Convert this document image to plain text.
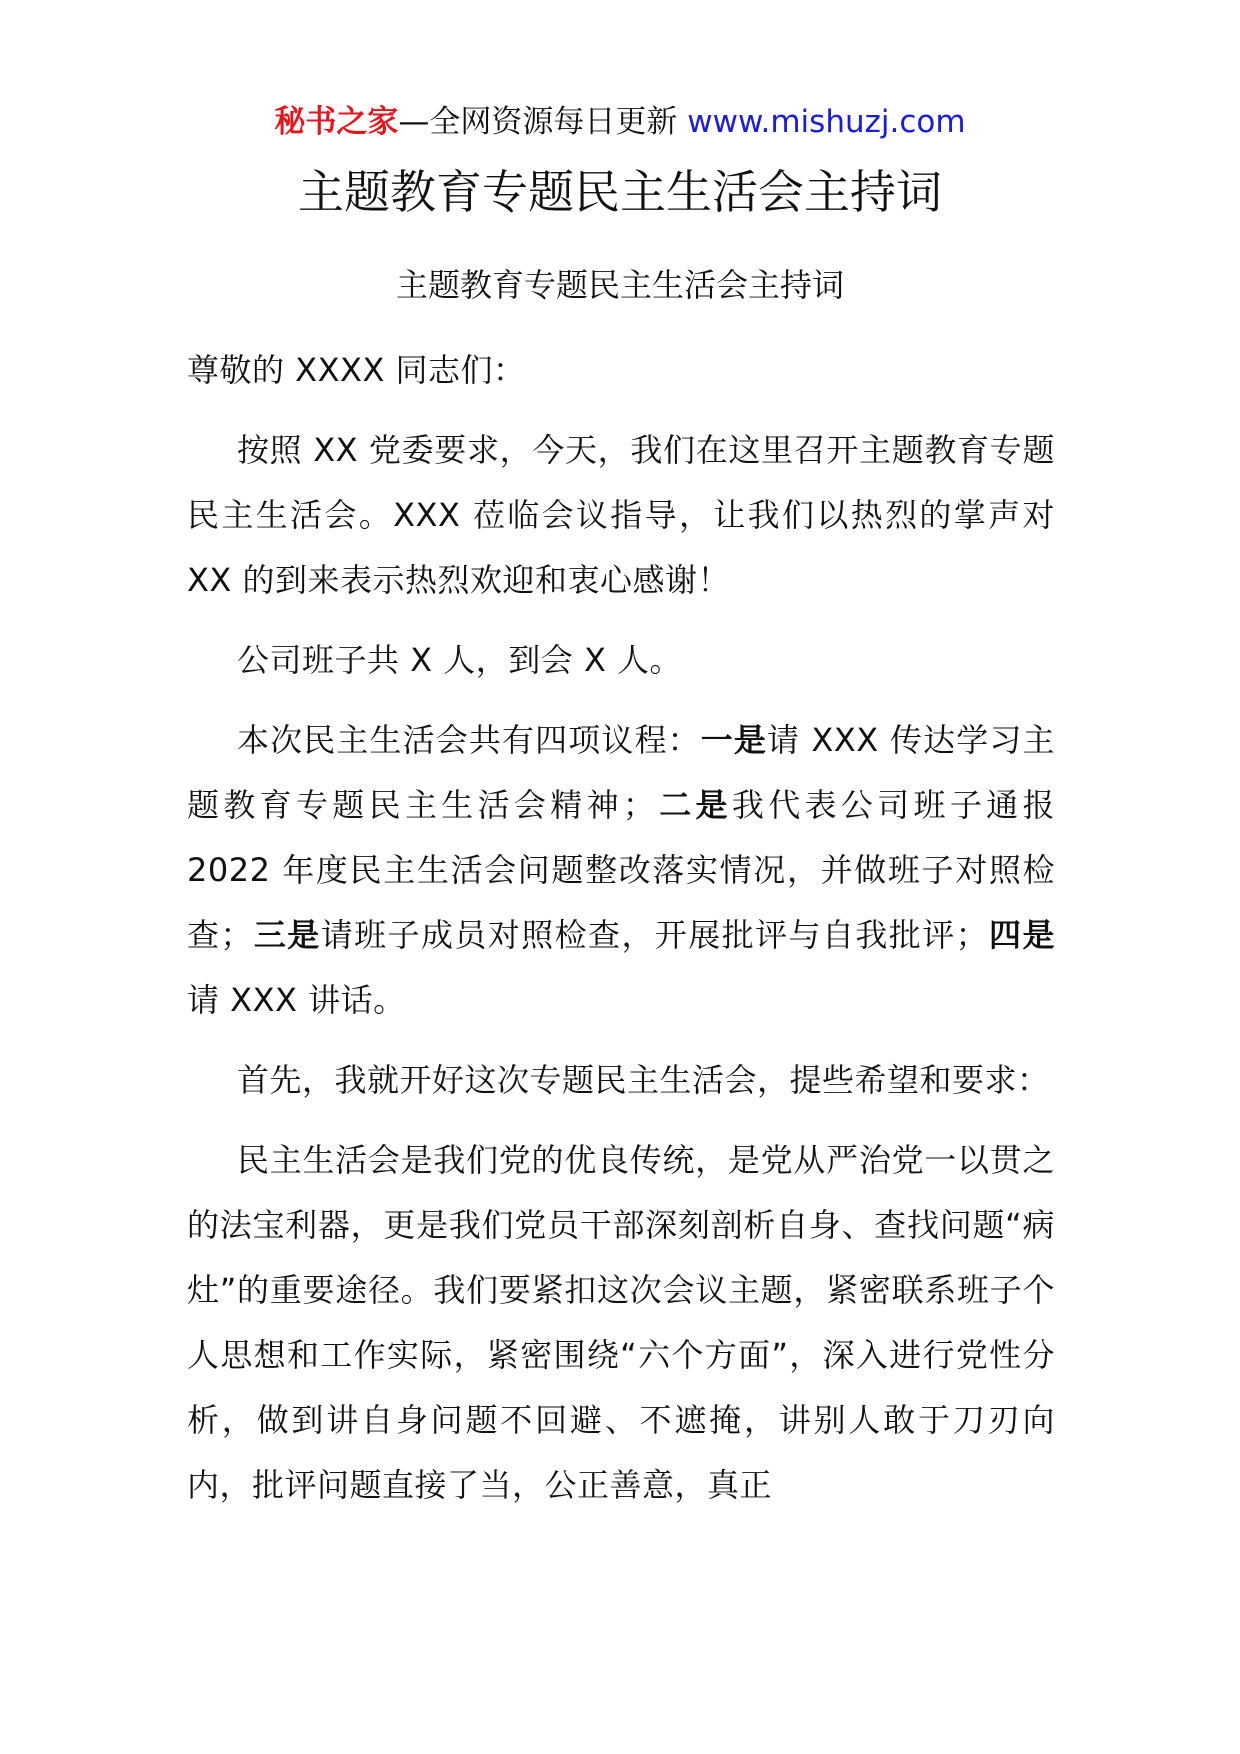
秘书之家—全网资源每日更新 www.mishuzj.com
主题教育专题民主生活会主持词
主题教育专题民主生活会主持词

尊敬的 XXXX 同志们：

按照 XX 党委要求，今天，我们在这里召开主题教育专题民主生活会。XXX 莅临会议指导，让我们以热烈的掌声对 XX 的到来表示热烈欢迎和衷心感谢！

公司班子共 X 人，到会 X 人。

本次民主生活会共有四项议程：一是请 XXX 传达学习主题教育专题民主生活会精神；二是我代表公司班子通报 2022 年度民主生活会问题整改落实情况，并做班子对照检查；三是请班子成员对照检查，开展批评与自我批评；四是请 XXX 讲话。

首先，我就开好这次专题民主生活会，提些希望和要求：

民主生活会是我们党的优良传统，是党从严治党一以贯之的法宝利器，更是我们党员干部深刻剖析自身、查找问题“病灶”的重要途径。我们要紧扣这次会议主题，紧密联系班子个人思想和工作实际，紧密围绕“六个方面”，深入进行党性分析，做到讲自身问题不回避、不遮掩，讲别人敢于刀刃向内，批评问题直接了当，公正善意，真正
